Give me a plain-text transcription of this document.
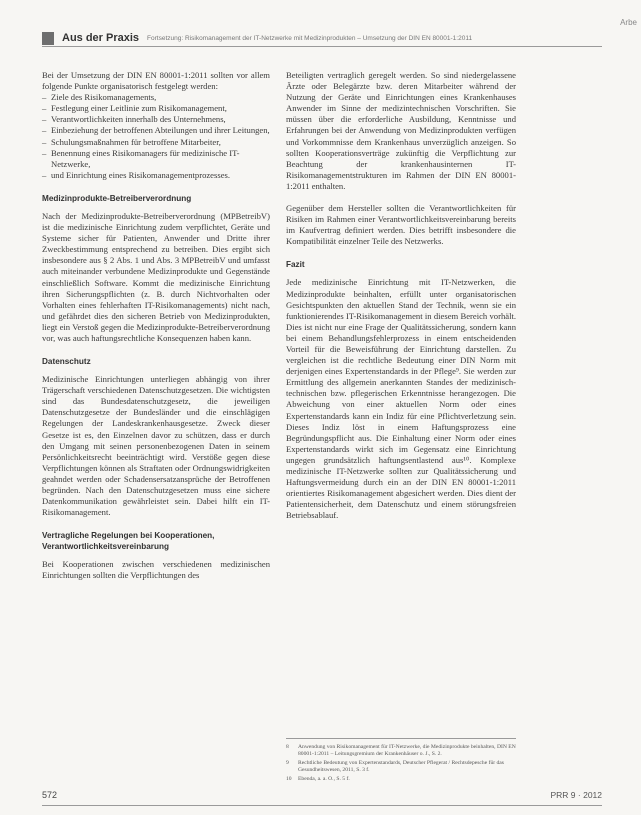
Arbe
Aus der Praxis Fortsetzung: Risikomanagement der IT-Netzwerke mit Medizinprodukten – Umsetzung der DIN EN 80001-1:2011

Bei der Umsetzung der DIN EN 80001-1:2011 sollten vor allem folgende Punkte organisatorisch festgelegt werden:

– Ziele des Risikomanagements,
– Festlegung einer Leitlinie zum Risikomanagement,
– Verantwortlichkeiten innerhalb des Unternehmens,
– Einbeziehung der betroffenen Abteilungen und ihrer Leitungen,
– Schulungsmaßnahmen für betroffene Mitarbeiter,
– Benennung eines Risikomanagers für medizinische IT-Netzwerke,
– und Einrichtung eines Risikomanagementprozesses.
Medizinprodukte-Betreiberverordnung

Nach der Medizinprodukte-Betreiberverordnung (MPBetreibV) ist die medizinische Einrichtung zudem verpflichtet, Geräte und Systeme sicher für Patienten, Anwender und Dritte ihrer Zweckbestimmung entsprechend zu betreiben. Dies ergibt sich insbesondere aus § 2 Abs. 1 und Abs. 3 MPBetreibV und umfasst auch miteinander verbundene Medizinprodukte und Gegenstände einschließlich Software. Kommt die medizinische Einrichtung ihren Sicherungspflichten (z. B. durch Nichtvorhalten oder Vorhalten eines fehlerhaften IT-Risikomanagements) nicht nach, und gefährdet dies den sicheren Betrieb von Medizinprodukten, liegt ein Verstoß gegen die Medizinprodukte-Betreiberverordnung vor, was auch haftungsrechtliche Konsequenzen haben kann.

Datenschutz

Medizinische Einrichtungen unterliegen abhängig von ihrer Trägerschaft verschiedenen Datenschutzgesetzen. Die wichtigsten sind das Bundesdatenschutzgesetz, die jeweiligen Datenschutzgesetze der Bundesländer und die einschlägigen Regelungen der Landeskrankenhausgesetze. Zweck dieser Gesetze ist es, den Einzelnen davor zu schützen, dass er durch den Umgang mit seinen personenbezogenen Daten in seinem Persönlichkeitsrecht beeinträchtigt wird. Verstöße gegen diese Verpflichtungen können als Straftaten oder Ordnungswidrigkeiten geahndet werden oder Schadensersatzansprüche der Betroffenen begründen. Nach den Datenschutzgesetzen muss eine sichere Datenkommunikation gewährleistet sein. Dabei hilft ein IT-Risikomanagement.

Vertragliche Regelungen bei Kooperationen, Verantwortlichkeitsvereinbarung

Bei Kooperationen zwischen verschiedenen medizinischen Einrichtungen sollten die Verpflichtungen des

Beteiligten vertraglich geregelt werden. So sind niedergelassene Ärzte oder Belegärzte bzw. deren Mitarbeiter während der Nutzung der Geräte und Einrichtungen eines Krankenhauses Anwender im Sinne der medizintechnischen Vorschriften. Sie müssen über die erforderliche Ausbildung, Kenntnisse und Erfahrungen bei der Anwendung von Medizinprodukten verfügen und Vorkommnisse dem Krankenhaus unverzüglich anzeigen. So sollten Kooperationsverträge zukünftig die Verpflichtung zur Beachtung der krankenhausinternen IT-Risikomanagementstrukturen im Rahmen der DIN EN 80001-1:2011 enthalten.

Gegenüber dem Hersteller sollten die Verantwortlichkeiten für Risiken im Rahmen einer Verantwortlichkeitsvereinbarung bereits im Kaufvertrag definiert werden. Dies betrifft insbesondere die Kompatibilität einzelner Teile des Netzwerks.

Fazit

Jede medizinische Einrichtung mit IT-Netzwerken, die Medizinprodukte beinhalten, erfüllt unter organisatorischen Gesichtspunkten den aktuellen Stand der Technik, wenn sie ein funktionierendes IT-Risikomanagement in diesem Bereich vorhält. Dies ist nicht nur eine Frage der Qualitätssicherung, sondern kann bei einem Behandlungsfehlerprozess in einem entscheidenden Vorteil für die Beweisführung der Einrichtung darstellen. Zu vergleichen ist die rechtliche Bedeutung einer DIN Norm mit derjenigen eines Expertenstandards in der Pflege⁹. Sie werden zur Ermittlung des allgemein anerkannten Standes der medizinisch-technischen bzw. pflegerischen Erkenntnisse herangezogen. Die Abweichung von einer aktuellen Norm oder eines Expertenstandards kann ein Indiz für eine Pflichtverletzung sein. Dieses Indiz löst in einem Haftungsprozess eine Begründungspflicht aus. Die Einhaltung einer Norm oder eines Expertenstandards wirkt sich im Gegensatz eine Einrichtung ungegen grundsätzlich haftungsentlastend aus¹⁰. Komplexe medizinische IT-Netzwerke sollten zur Qualitätssicherung und Haftungsvermeidung durch ein an der DIN EN 80001-1:2011 orientiertes Risikomanagement abgesichert werden. Dies dient der Patientensicherheit, dem Datenschutz und einem störungsfreien Betriebsablauf.

8	Anwendung von Risikomanagement für IT-Netzwerke, die Medizinprodukte beinhalten, DIN EN 80001-1:2011 – Leitungsgremium der Krankenhäuser o. J., S. 2.

9	Rechtliche Bedeutung von Expertenstandards, Deutscher Pflegerat / Rechtsdepesche für das Gesundheitswesen, 2011, S. 3 f.

10	Ebenda, a. a. O., S. 5 f.

572	PRR 9 · 2012
